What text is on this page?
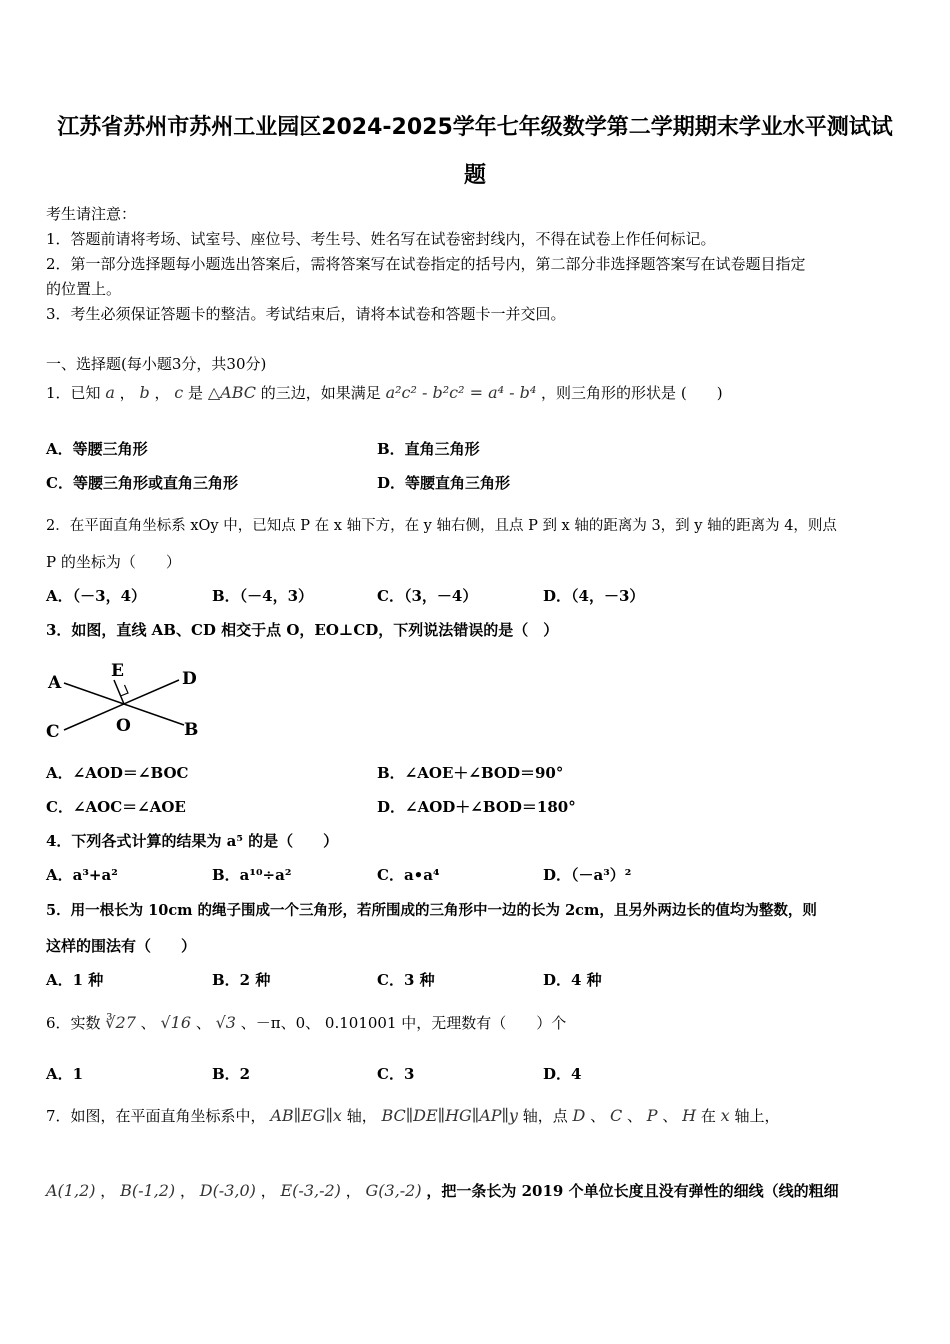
江苏省苏州市苏州工业园区2024-2025学年七年级数学第二学期期末学业水平测试试
题
考生请注意：
1．答题前请将考场、试室号、座位号、考生号、姓名写在试卷密封线内，不得在试卷上作任何标记。
2．第一部分选择题每小题选出答案后，需将答案写在试卷指定的括号内，第二部分非选择题答案写在试卷题目指定
的位置上。
3．考生必须保证答题卡的整洁。考试结束后，请将本试卷和答题卡一并交回。
一、选择题(每小题3分，共30分)
1．已知 a ， b ， c 是 △ABC 的三边，如果满足 a²c² - b²c² = a⁴ - b⁴ ，则三角形的形状是 (　　)
A．等腰三角形	B．直角三角形
C．等腰三角形或直角三角形	D．等腰直角三角形
2．在平面直角坐标系 xOy 中，已知点 P 在 x 轴下方，在 y 轴右侧，且点 P 到 x 轴的距离为 3，到 y 轴的距离为 4，则点
P 的坐标为（　　）
A．（－3，4）	B．（－4，3）	C．（3，－4）	D．（4，－3）
3．如图，直线 AB、CD 相交于点 O，EO⊥CD，下列说法错误的是（　）
A	D
E
C	O	B
A．∠AOD＝∠BOC	B．∠AOE＋∠BOD＝90°
C．∠AOC＝∠AOE	D．∠AOD＋∠BOD＝180°
4．下列各式计算的结果为 a⁵ 的是（　　）
A．a³+a²	B．a¹⁰÷a²	C．a•a⁴	D．（－a³）²
5．用一根长为 10cm 的绳子围成一个三角形，若所围成的三角形中一边的长为 2cm，且另外两边长的值均为整数，则
这样的围法有（　　）
A．1 种	B．2 种	C．3 种	D．4 种
6．实数 ∛27 、 √16 、 √3 、－π、0、 0.101001 中，无理数有（　　）个
A．1	B．2	C．3	D．4
7．如图，在平面直角坐标系中， AB∥EG∥x 轴， BC∥DE∥HG∥AP∥y 轴，点 D 、 C 、 P 、 H 在 x 轴上，
A(1,2) ， B(-1,2) ， D(-3,0) ， E(-3,-2) ， G(3,-2) ，把一条长为 2019 个单位长度且没有弹性的细线（线的粗细
